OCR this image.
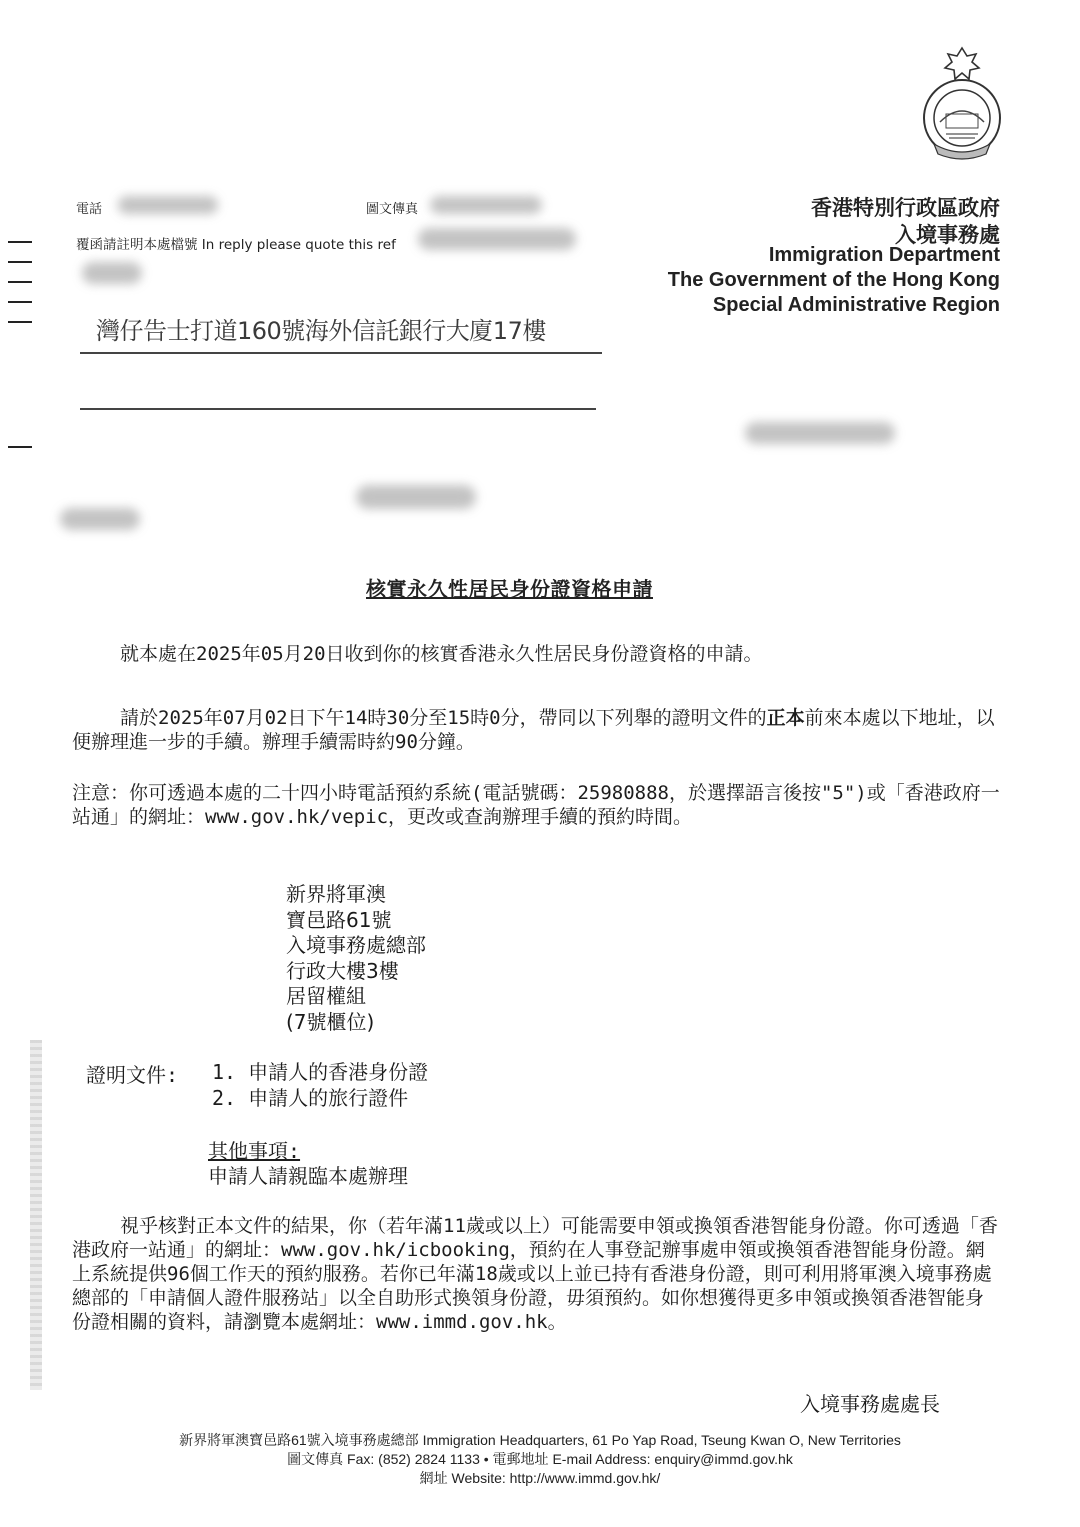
電話	圖文傳真
覆函請註明本處檔號 In reply please quote this ref
灣仔告士打道160號海外信託銀行大廈17樓
香港特別行政區政府
入境事務處
Immigration Department
The Government of the Hong Kong
Special Administrative Region
核實永久性居民身份證資格申請
就本處在2025年05月20日收到你的核實香港永久性居民身份證資格的申請。
請於2025年07月02日下午14時30分至15時0分，帶同以下列舉的證明文件的正本前來本處以下地址，以便辦理進一步的手續。辦理手續需時約90分鐘。
注意：你可透過本處的二十四小時電話預約系統(電話號碼：25980888，於選擇語言後按"5")或「香港政府一站通」的網址：www.gov.hk/vepic，更改或查詢辦理手續的預約時間。
新界將軍澳
寶邑路61號
入境事務處總部
行政大樓3樓
居留權組
(7號櫃位)
證明文件: 1. 申請人的香港身份證
2. 申請人的旅行證件
其他事項:
申請人請親臨本處辦理
視乎核對正本文件的結果，你（若年滿11歲或以上）可能需要申領或換領香港智能身份證。你可透過「香港政府一站通」的網址：www.gov.hk/icbooking，預約在人事登記辦事處申領或換領香港智能身份證。網上系統提供96個工作天的預約服務。若你已年滿18歲或以上並已持有香港身份證，則可利用將軍澳入境事務處總部的「申請個人證件服務站」以全自助形式換領身份證，毋須預約。如你想獲得更多申領或換領香港智能身份證相關的資料，請瀏覽本處網址：www.immd.gov.hk。
入境事務處處長
新界將軍澳寶邑路61號入境事務處總部 Immigration Headquarters, 61 Po Yap Road, Tseung Kwan O, New Territories
圖文傳真 Fax: (852) 2824 1133 • 電郵地址 E-mail Address: enquiry@immd.gov.hk
網址 Website: http://www.immd.gov.hk/
